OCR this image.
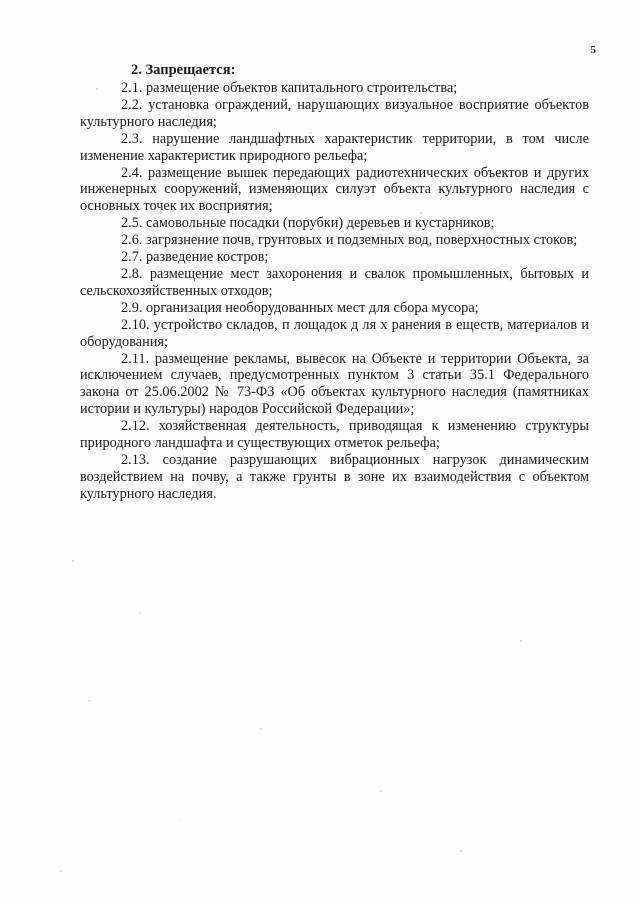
5
2. Запрещается:

2.1. размещение объектов капитального строительства;

2.2. установка ограждений, нарушающих визуальное восприятие объектов культурного наследия;

2.3. нарушение ландшафтных характеристик территории, в том числе изменение характеристик природного рельефа;

2.4. размещение вышек передающих радиотехнических объектов и других инженерных сооружений, изменяющих силуэт объекта культурного наследия с основных точек их восприятия;

2.5. самовольные посадки (порубки) деревьев и кустарников;

2.6. загрязнение почв, грунтовых и подземных вод, поверхностных стоков;

2.7. разведение костров;

2.8. размещение мест захоронения и свалок промышленных, бытовых и сельскохозяйственных отходов;

2.9. организация необорудованных мест для сбора мусора;

2.10. устройство складов, п лощадок д ля х ранения в еществ, материалов и оборудования;

2.11. размещение рекламы, вывесок на Объекте и территории Объекта, за исключением случаев, предусмотренных пунктом 3 статьи 35.1 Федерального закона от 25.06.2002 № 73-ФЗ «Об объектах культурного наследия (памятниках истории и культуры) народов Российской Федерации»;

2.12. хозяйственная деятельность, приводящая к изменению структуры природного ландшафта и существующих отметок рельефа;

2.13. создание разрушающих вибрационных нагрузок динамическим воздействием на почву, а также грунты в зоне их взаимодействия с объектом культурного наследия.
